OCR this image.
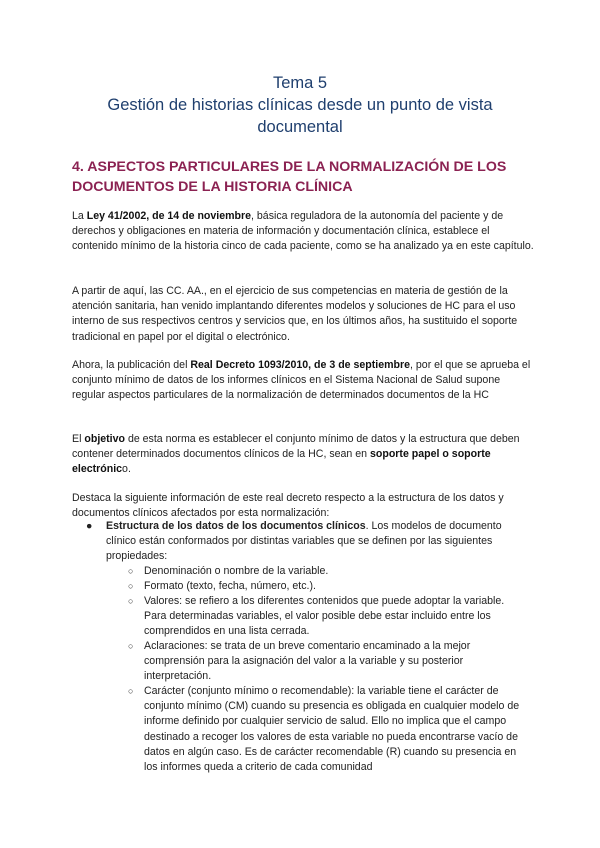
Tema 5
Gestión de historias clínicas desde un punto de vista
documental
4. ASPECTOS PARTICULARES DE LA NORMALIZACIÓN DE LOS
DOCUMENTOS DE LA HISTORIA CLÍNICA
La Ley 41/2002, de 14 de noviembre, básica reguladora de la autonomía del paciente y de derechos y obligaciones en materia de información y documentación clínica, establece el contenido mínimo de la historia cinco de cada paciente, como se ha analizado ya en este capítulo.
A partir de aquí, las CC. AA., en el ejercicio de sus competencias en materia de gestión de la atención sanitaria, han venido implantando diferentes modelos y soluciones de HC para el uso interno de sus respectivos centros y servicios que, en los últimos años, ha sustituido el soporte tradicional en papel por el digital o electrónico.
Ahora, la publicación del Real Decreto 1093/2010, de 3 de septiembre, por el que se aprueba el conjunto mínimo de datos de los informes clínicos en el Sistema Nacional de Salud supone regular aspectos particulares de la normalización de determinados documentos de la HC
El objetivo de esta norma es establecer el conjunto mínimo de datos y la estructura que deben contener determinados documentos clínicos de la HC, sean en soporte papel o soporte electrónico.
Destaca la siguiente información de este real decreto respecto a la estructura de los datos y documentos clínicos afectados por esta normalización:
●	Estructura de los datos de los documentos clínicos. Los modelos de documento clínico están conformados por distintas variables que se definen por las siguientes propiedades:
○ Denominación o nombre de la variable.
○ Formato (texto, fecha, número, etc.).
○ Valores: se refiero a los diferentes contenidos que puede adoptar la variable. Para determinadas variables, el valor posible debe estar incluido entre los comprendidos en una lista cerrada.
○ Aclaraciones: se trata de un breve comentario encaminado a la mejor comprensión para la asignación del valor a la variable y su posterior interpretación.
○ Carácter (conjunto mínimo o recomendable): la variable tiene el carácter de conjunto mínimo (CM) cuando su presencia es obligada en cualquier modelo de informe definido por cualquier servicio de salud. Ello no implica que el campo destinado a recoger los valores de esta variable no pueda encontrarse vacío de datos en algún caso. Es de carácter recomendable (R) cuando su presencia en los informes queda a criterio de cada comunidad
